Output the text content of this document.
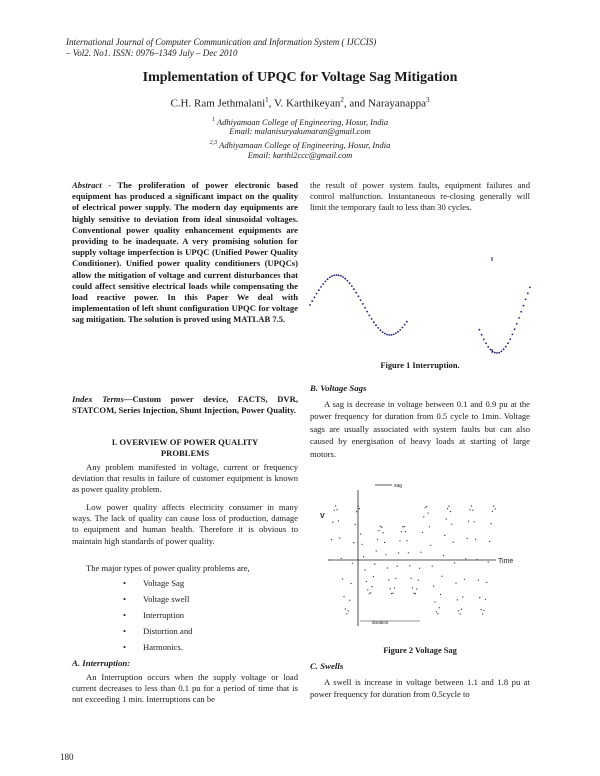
International Journal of Computer Communication and Information System ( IJCCIS)
– Vol2. No1. ISSN: 0976–1349 July – Dec 2010
Implementation of UPQC for Voltage Sag Mitigation
C.H. Ram Jethmalani$^1$, V. Karthikeyan$^2$, and Narayanappa$^3$
$^1$ Adhiyamaan College of Engineering, Hosur, India
Email: malanisuryakumaran@gmail.com
$^{2,3}$ Adhiyamaan College of Engineering, Hosur, India
Email: karthi2ccc@gmail.com
Abstract - The proliferation of power electronic based equipment has produced a significant impact on the quality of electrical power supply. The modern day equipments are highly sensitive to deviation from ideal sinusoidal voltages. Conventional power quality enhancement equipments are providing to be inadequate. A very promising solution for supply voltage imperfection is UPQC (Unified Power Quality Conditioner). Unified power quality conditioners (UPQCs) allow the mitigation of voltage and current disturbances that could affect sensitive electrical loads while compensating the load reactive power. In this Paper We deal with implementation of left shunt configuration UPQC for voltage sag mitigation. The solution is proved using MATLAB 7.5.
Index Terms—Custom power device, FACTS, DVR, STATCOM, Series Injection, Shunt Injection, Power Quality.
I. OVERVIEW OF POWER QUALITY
PROBLEMS
Any problem manifested in voltage, current or frequency deviation that results in failure of customer equipment is known as power quality problem.
Low power quality affects electricity consumer in many ways. The lack of quality can cause loss of production, damage to equipment and human health. Therefore it is obvious to maintain high standards of power quality.
The major types of power quality problems are,
• Voltage Sag
• Voltage swell
• Interruption
• Distortion and
• Harmonics.
A. Interruption:
An Interruption occurs when the supply voltage or load current decreases to less than 0.1 pu for a period of time that is not exceeding 1 min. Interruptions can be
the result of power system faults, equipment failures and control malfunction. Instantaneous re-closing generally will limit the temporary fault to less than 30 cycles.
Figure 1 Interruption.
B. Voltage Sags
A sag is decrease in voltage between 0.1 and 0.9 pu at the power frequency for duration from 0.5 cycle to 1min. Voltage sags are usually associated with system faults but can also caused by energisation of heavy loads at starting of large motors.
sag
V
Time
duration
Figure 2 Voltage Sag
C. Swells
A swell is increase in voltage between 1.1 and 1.8 pu at power frequency for duration from 0.5cycle to
180
